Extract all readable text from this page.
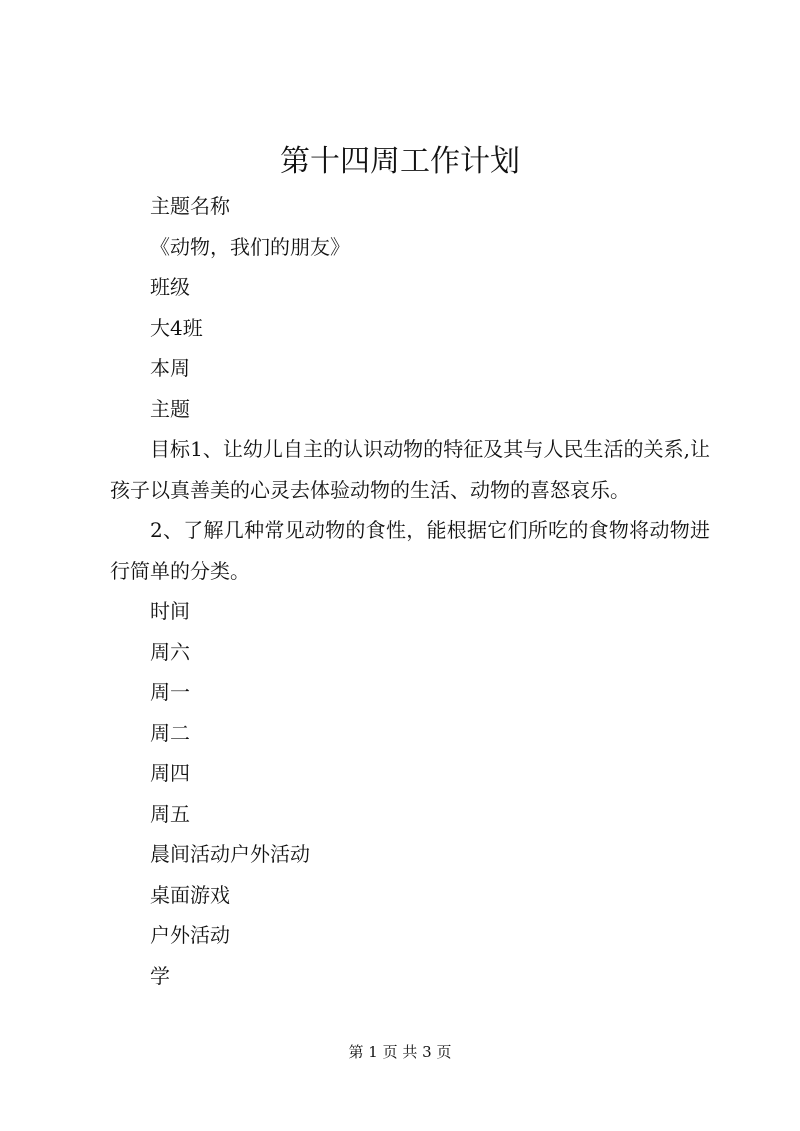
第十四周工作计划
主题名称
《动物，我们的朋友》
班级
大4班
本周
主题

目标1、让幼儿自主的认识动物的特征及其与人民生活的关系,让孩子以真善美的心灵去体验动物的生活、动物的喜怒哀乐。

2、了解几种常见动物的食性，能根据它们所吃的食物将动物进行简单的分类。

时间
周六
周一
周二
周四
周五
晨间活动户外活动
桌面游戏
户外活动
学
第 1 页 共 3 页
